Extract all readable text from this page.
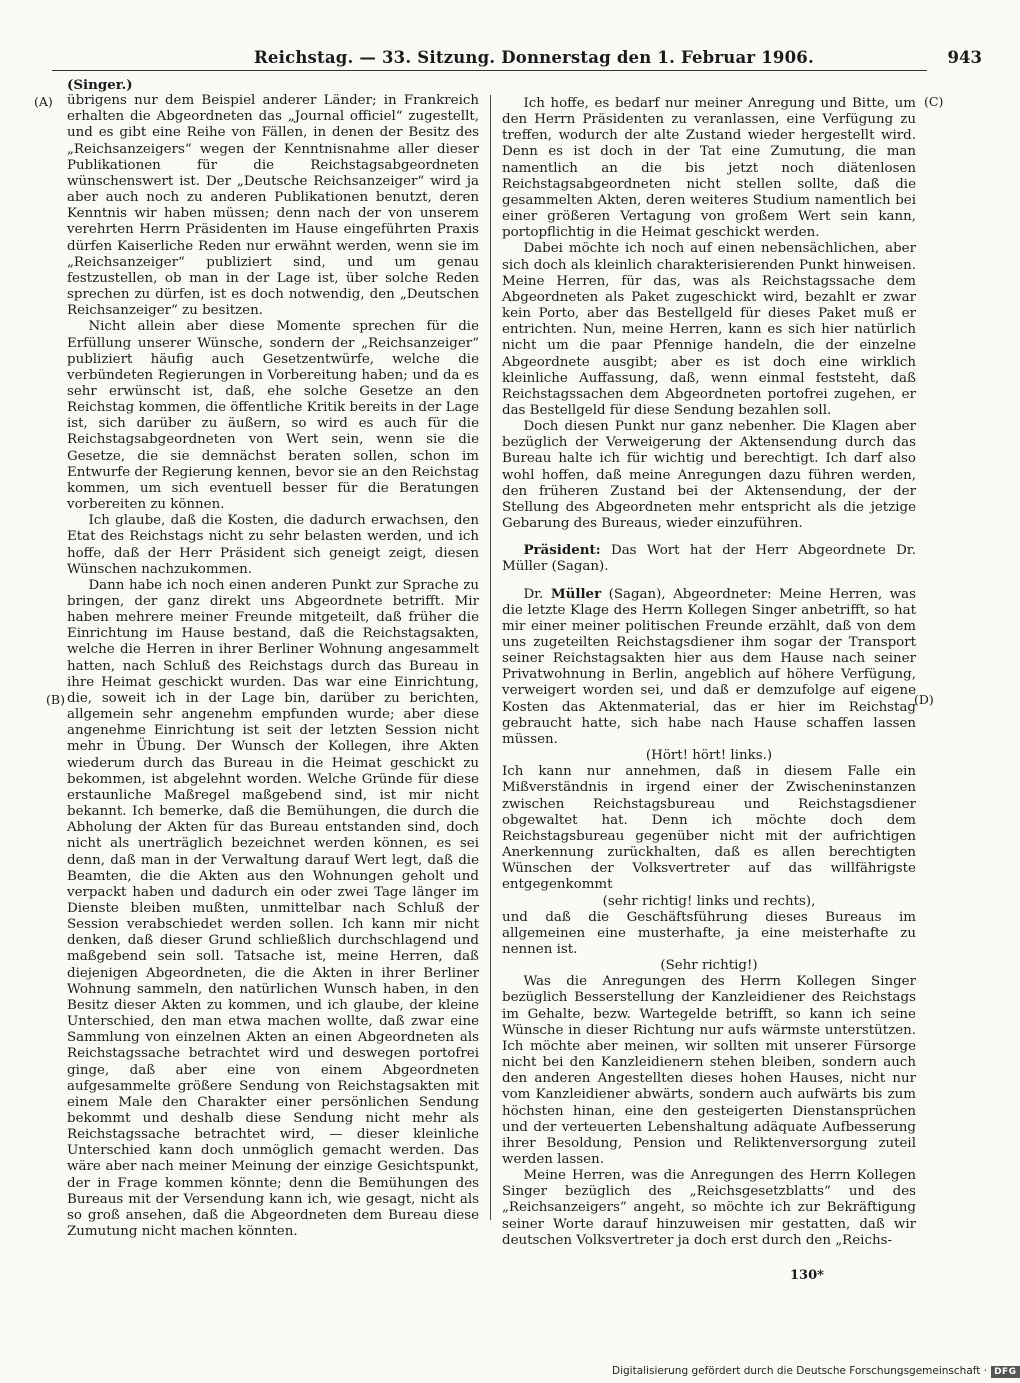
Reichstag. — 33. Sitzung. Donnerstag den 1. Februar 1906.	943
(A)
(B)
(C)
(D)

(Singer.)

übrigens nur dem Beispiel anderer Länder; in Frankreich erhalten die Abgeordneten das „Journal officiel“ zugestellt, und es gibt eine Reihe von Fällen, in denen der Besitz des „Reichsanzeigers“ wegen der Kenntnisnahme aller dieser Publikationen für die Reichstagsabgeordneten wünschenswert ist. Der „Deutsche Reichsanzeiger“ wird ja aber auch noch zu anderen Publikationen benutzt, deren Kenntnis wir haben müssen; denn nach der von unserem verehrten Herrn Präsidenten im Hause eingeführten Praxis dürfen Kaiserliche Reden nur erwähnt werden, wenn sie im „Reichsanzeiger“ publiziert sind, und um genau festzustellen, ob man in der Lage ist, über solche Reden sprechen zu dürfen, ist es doch notwendig, den „Deutschen Reichsanzeiger“ zu besitzen.

Nicht allein aber diese Momente sprechen für die Erfüllung unserer Wünsche, sondern der „Reichsanzeiger“ publiziert häufig auch Gesetzentwürfe, welche die verbündeten Regierungen in Vorbereitung haben; und da es sehr erwünscht ist, daß, ehe solche Gesetze an den Reichstag kommen, die öffentliche Kritik bereits in der Lage ist, sich darüber zu äußern, so wird es auch für die Reichstagsabgeordneten von Wert sein, wenn sie die Gesetze, die sie demnächst beraten sollen, schon im Entwurfe der Regierung kennen, bevor sie an den Reichstag kommen, um sich eventuell besser für die Beratungen vorbereiten zu können.

Ich glaube, daß die Kosten, die dadurch erwachsen, den Etat des Reichstags nicht zu sehr belasten werden, und ich hoffe, daß der Herr Präsident sich geneigt zeigt, diesen Wünschen nachzukommen.

Dann habe ich noch einen anderen Punkt zur Sprache zu bringen, der ganz direkt uns Abgeordnete betrifft. Mir haben mehrere meiner Freunde mitgeteilt, daß früher die Einrichtung im Hause bestand, daß die Reichstagsakten, welche die Herren in ihrer Berliner Wohnung angesammelt hatten, nach Schluß des Reichstags durch das Bureau in ihre Heimat geschickt wurden. Das war eine Einrichtung, die, soweit ich in der Lage bin, darüber zu berichten, allgemein sehr angenehm empfunden wurde; aber diese angenehme Einrichtung ist seit der letzten Session nicht mehr in Übung. Der Wunsch der Kollegen, ihre Akten wiederum durch das Bureau in die Heimat geschickt zu bekommen, ist abgelehnt worden. Welche Gründe für diese erstaunliche Maßregel maßgebend sind, ist mir nicht bekannt. Ich bemerke, daß die Bemühungen, die durch die Abholung der Akten für das Bureau entstanden sind, doch nicht als unerträglich bezeichnet werden können, es sei denn, daß man in der Verwaltung darauf Wert legt, daß die Beamten, die die Akten aus den Wohnungen geholt und verpackt haben und dadurch ein oder zwei Tage länger im Dienste bleiben mußten, unmittelbar nach Schluß der Session verabschiedet werden sollen. Ich kann mir nicht denken, daß dieser Grund schließlich durchschlagend und maßgebend sein soll. Tatsache ist, meine Herren, daß diejenigen Abgeordneten, die die Akten in ihrer Berliner Wohnung sammeln, den natürlichen Wunsch haben, in den Besitz dieser Akten zu kommen, und ich glaube, der kleine Unterschied, den man etwa machen wollte, daß zwar eine Sammlung von einzelnen Akten an einen Abgeordneten als Reichstagssache betrachtet wird und deswegen portofrei ginge, daß aber eine von einem Abgeordneten aufgesammelte größere Sendung von Reichstagsakten mit einem Male den Charakter einer persönlichen Sendung bekommt und deshalb diese Sendung nicht mehr als Reichstagssache betrachtet wird, — dieser kleinliche Unterschied kann doch unmöglich gemacht werden. Das wäre aber nach meiner Meinung der einzige Gesichtspunkt, der in Frage kommen könnte; denn die Bemühungen des Bureaus mit der Versendung kann ich, wie gesagt, nicht als so groß ansehen, daß die Abgeordneten dem Bureau diese Zumutung nicht machen könnten.

Ich hoffe, es bedarf nur meiner Anregung und Bitte, um den Herrn Präsidenten zu veranlassen, eine Verfügung zu treffen, wodurch der alte Zustand wieder hergestellt wird. Denn es ist doch in der Tat eine Zumutung, die man namentlich an die bis jetzt noch diätenlosen Reichstagsabgeordneten nicht stellen sollte, daß die gesammelten Akten, deren weiteres Studium namentlich bei einer größeren Vertagung von großem Wert sein kann, portopflichtig in die Heimat geschickt werden.

Dabei möchte ich noch auf einen nebensächlichen, aber sich doch als kleinlich charakterisierenden Punkt hinweisen. Meine Herren, für das, was als Reichstagssache dem Abgeordneten als Paket zugeschickt wird, bezahlt er zwar kein Porto, aber das Bestellgeld für dieses Paket muß er entrichten. Nun, meine Herren, kann es sich hier natürlich nicht um die paar Pfennige handeln, die der einzelne Abgeordnete ausgibt; aber es ist doch eine wirklich kleinliche Auffassung, daß, wenn einmal feststeht, daß Reichstagssachen dem Abgeordneten portofrei zugehen, er das Bestellgeld für diese Sendung bezahlen soll.

Doch diesen Punkt nur ganz nebenher. Die Klagen aber bezüglich der Verweigerung der Aktensendung durch das Bureau halte ich für wichtig und berechtigt. Ich darf also wohl hoffen, daß meine Anregungen dazu führen werden, den früheren Zustand bei der Aktensendung, der der Stellung des Abgeordneten mehr entspricht als die jetzige Gebarung des Bureaus, wieder einzuführen.

Präsident: Das Wort hat der Herr Abgeordnete Dr. Müller (Sagan).

Dr. Müller (Sagan), Abgeordneter: Meine Herren, was die letzte Klage des Herrn Kollegen Singer anbetrifft, so hat mir einer meiner politischen Freunde erzählt, daß von dem uns zugeteilten Reichstagsdiener ihm sogar der Transport seiner Reichstagsakten hier aus dem Hause nach seiner Privatwohnung in Berlin, angeblich auf höhere Verfügung, verweigert worden sei, und daß er demzufolge auf eigene Kosten das Aktenmaterial, das er hier im Reichstag gebraucht hatte, sich habe nach Hause schaffen lassen müssen.

(Hört! hört! links.)

Ich kann nur annehmen, daß in diesem Falle ein Mißverständnis in irgend einer der Zwischeninstanzen zwischen Reichstagsbureau und Reichstagsdiener obgewaltet hat. Denn ich möchte doch dem Reichstagsbureau gegenüber nicht mit der aufrichtigen Anerkennung zurückhalten, daß es allen berechtigten Wünschen der Volksvertreter auf das willfährigste entgegenkommt

(sehr richtig! links und rechts),

und daß die Geschäftsführung dieses Bureaus im allgemeinen eine musterhafte, ja eine meisterhafte zu nennen ist.

(Sehr richtig!)

Was die Anregungen des Herrn Kollegen Singer bezüglich Besserstellung der Kanzleidiener des Reichstags im Gehalte, bezw. Wartegelde betrifft, so kann ich seine Wünsche in dieser Richtung nur aufs wärmste unterstützen. Ich möchte aber meinen, wir sollten mit unserer Fürsorge nicht bei den Kanzleidienern stehen bleiben, sondern auch den anderen Angestellten dieses hohen Hauses, nicht nur vom Kanzleidiener abwärts, sondern auch aufwärts bis zum höchsten hinan, eine den gesteigerten Dienstansprüchen und der verteuerten Lebenshaltung adäquate Aufbesserung ihrer Besoldung, Pension und Reliktenversorgung zuteil werden lassen.

Meine Herren, was die Anregungen des Herrn Kollegen Singer bezüglich des „Reichsgesetzblatts“ und des „Reichsanzeigers“ angeht, so möchte ich zur Bekräftigung seiner Worte darauf hinzuweisen mir gestatten, daß wir deutschen Volksvertreter ja doch erst durch den „Reichs-

130*
Digitalisierung gefördert durch die Deutsche Forschungsgemeinschaft · DFG
